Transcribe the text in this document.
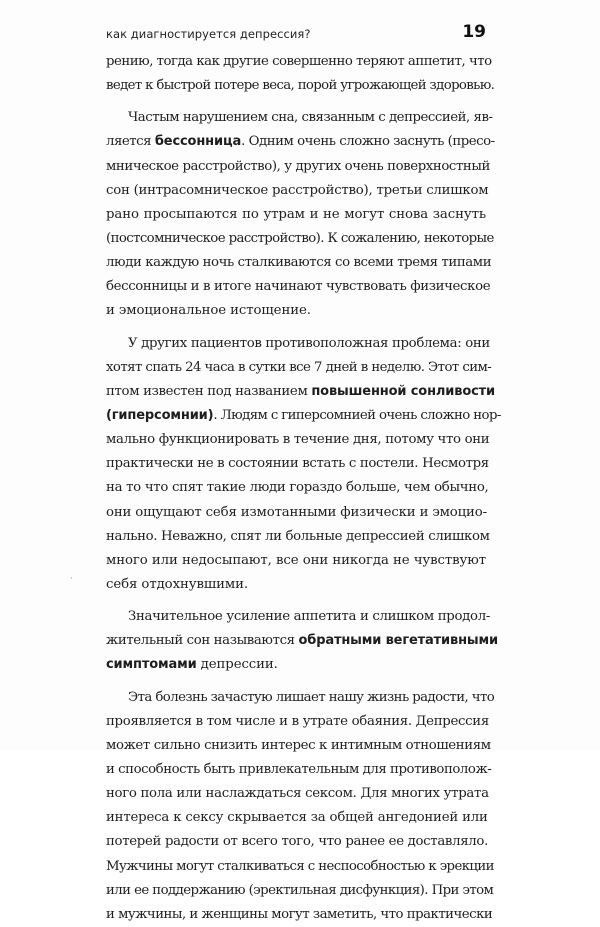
как диагностируется депрессия?	19
рению, тогда как другие совершенно теряют аппетит, что
ведет к быстрой потере веса, порой угрожающей здоровью.
Частым нарушением сна, связанным с депрессией, яв-
ляется бессонница. Одним очень сложно заснуть (пресо-
мническое расстройство), у других очень поверхностный
сон (интрасомническое расстройство), третьи слишком
рано просыпаются по утрам и не могут снова заснуть
(постсомническое расстройство). К сожалению, некоторые
люди каждую ночь сталкиваются со всеми тремя типами
бессонницы и в итоге начинают чувствовать физическое
и эмоциональное истощение.
У других пациентов противоположная проблема: они
хотят спать 24 часа в сутки все 7 дней в неделю. Этот сим-
птом известен под названием повышенной сонливости
(гиперсомнии). Людям с гиперсомнией очень сложно нор-
мально функционировать в течение дня, потому что они
практически не в состоянии встать с постели. Несмотря
на то что спят такие люди гораздо больше, чем обычно,
они ощущают себя измотанными физически и эмоцио-
нально. Неважно, спят ли больные депрессией слишком
много или недосыпают, все они никогда не чувствуют
себя отдохнувшими.
Значительное усиление аппетита и слишком продол-
жительный сон называются обратными вегетативными
симптомами депрессии.
Эта болезнь зачастую лишает нашу жизнь радости, что
проявляется в том числе и в утрате обаяния. Депрессия
может сильно снизить интерес к интимным отношениям
и способность быть привлекательным для противополож-
ного пола или наслаждаться сексом. Для многих утрата
интереса к сексу скрывается за общей ангедонией или
потерей радости от всего того, что ранее ее доставляло.
Мужчины могут сталкиваться с неспособностью к эрекции
или ее поддержанию (эректильная дисфункция). При этом
и мужчины, и женщины могут заметить, что практически
·
